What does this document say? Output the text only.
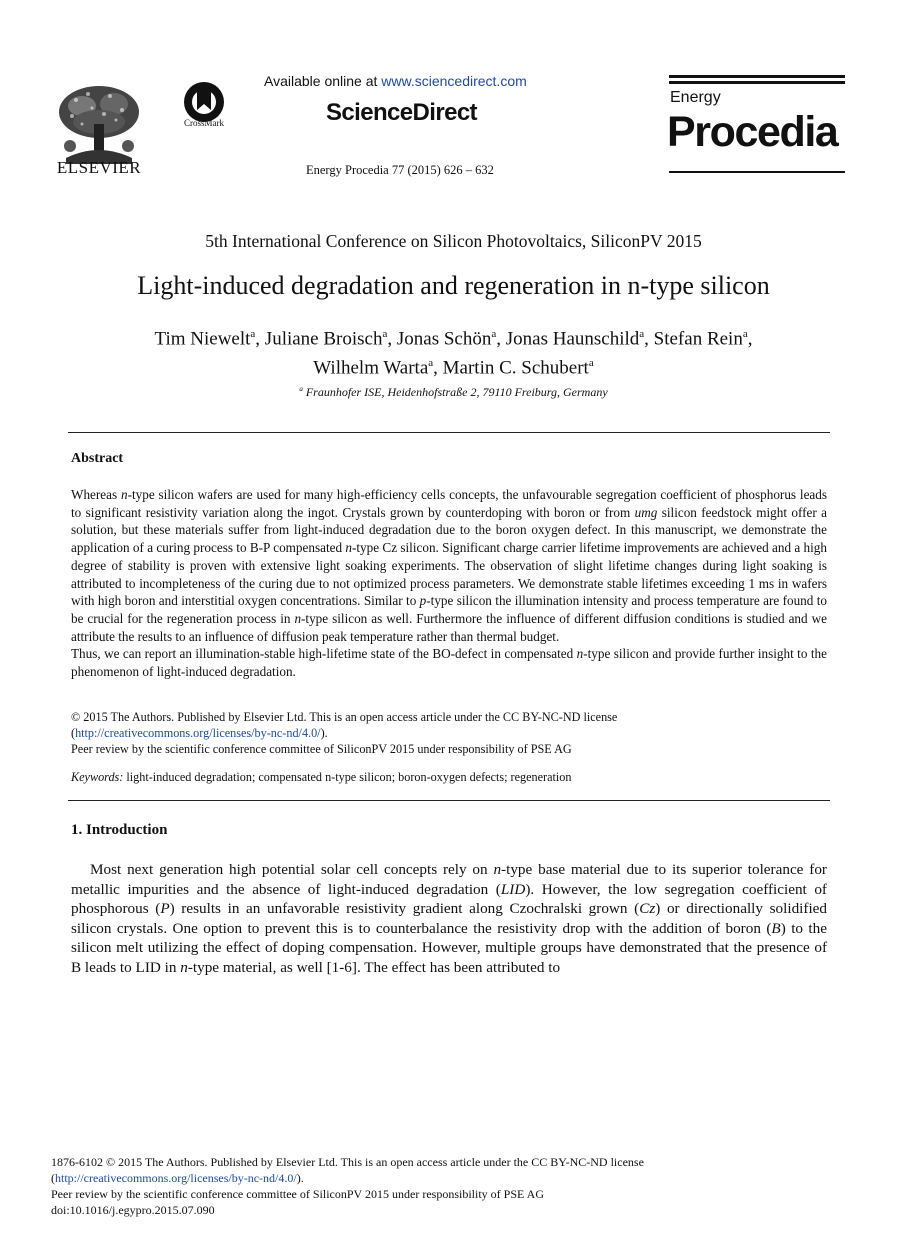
ELSEVIER
CrossMark
Available online at www.sciencedirect.com
ScienceDirect
Energy Procedia 77 (2015) 626 – 632
Energy
Procedia
5th International Conference on Silicon Photovoltaics, SiliconPV 2015
Light-induced degradation and regeneration in n-type silicon
Tim Niewelt$^a$, Juliane Broisch$^a$, Jonas Schön$^a$, Jonas Haunschild$^a$, Stefan Rein$^a$,
Wilhelm Warta$^a$, Martin C. Schubert$^a$
$^a$ Fraunhofer ISE, Heidenhofstraße 2, 79110 Freiburg, Germany
Abstract

Whereas n-type silicon wafers are used for many high-efficiency cells concepts, the unfavourable segregation coefficient of phosphorus leads to significant resistivity variation along the ingot. Crystals grown by counterdoping with boron or from umg silicon feedstock might offer a solution, but these materials suffer from light-induced degradation due to the boron oxygen defect. In this manuscript, we demonstrate the application of a curing process to B-P compensated n-type Cz silicon. Significant charge carrier lifetime improvements are achieved and a high degree of stability is proven with extensive light soaking experiments. The observation of slight lifetime changes during light soaking is attributed to incompleteness of the curing due to not optimized process parameters. We demonstrate stable lifetimes exceeding 1 ms in wafers with high boron and interstitial oxygen concentrations. Similar to p-type silicon the illumination intensity and process temperature are found to be crucial for the regeneration process in n-type silicon as well. Furthermore the influence of different diffusion conditions is studied and we attribute the results to an influence of diffusion peak temperature rather than thermal budget.

Thus, we can report an illumination-stable high-lifetime state of the BO-defect in compensated n-type silicon and provide further insight to the phenomenon of light-induced degradation.

© 2015 The Authors. Published by Elsevier Ltd. This is an open access article under the CC BY-NC-ND license
(http://creativecommons.org/licenses/by-nc-nd/4.0/).
Peer review by the scientific conference committee of SiliconPV 2015 under responsibility of PSE AG
Keywords: light-induced degradation; compensated n-type silicon; boron-oxygen defects; regeneration
1. Introduction
Most next generation high potential solar cell concepts rely on n-type base material due to its superior tolerance for metallic impurities and the absence of light-induced degradation (LID). However, the low segregation coefficient of phosphorous (P) results in an unfavorable resistivity gradient along Czochralski grown (Cz) or directionally solidified silicon crystals. One option to prevent this is to counterbalance the resistivity drop with the addition of boron (B) to the silicon melt utilizing the effect of doping compensation. However, multiple groups have demonstrated that the presence of B leads to LID in n-type material, as well [1-6]. The effect has been attributed to
1876-6102 © 2015 The Authors. Published by Elsevier Ltd. This is an open access article under the CC BY-NC-ND license
(http://creativecommons.org/licenses/by-nc-nd/4.0/).
Peer review by the scientific conference committee of SiliconPV 2015 under responsibility of PSE AG
doi:10.1016/j.egypro.2015.07.090
